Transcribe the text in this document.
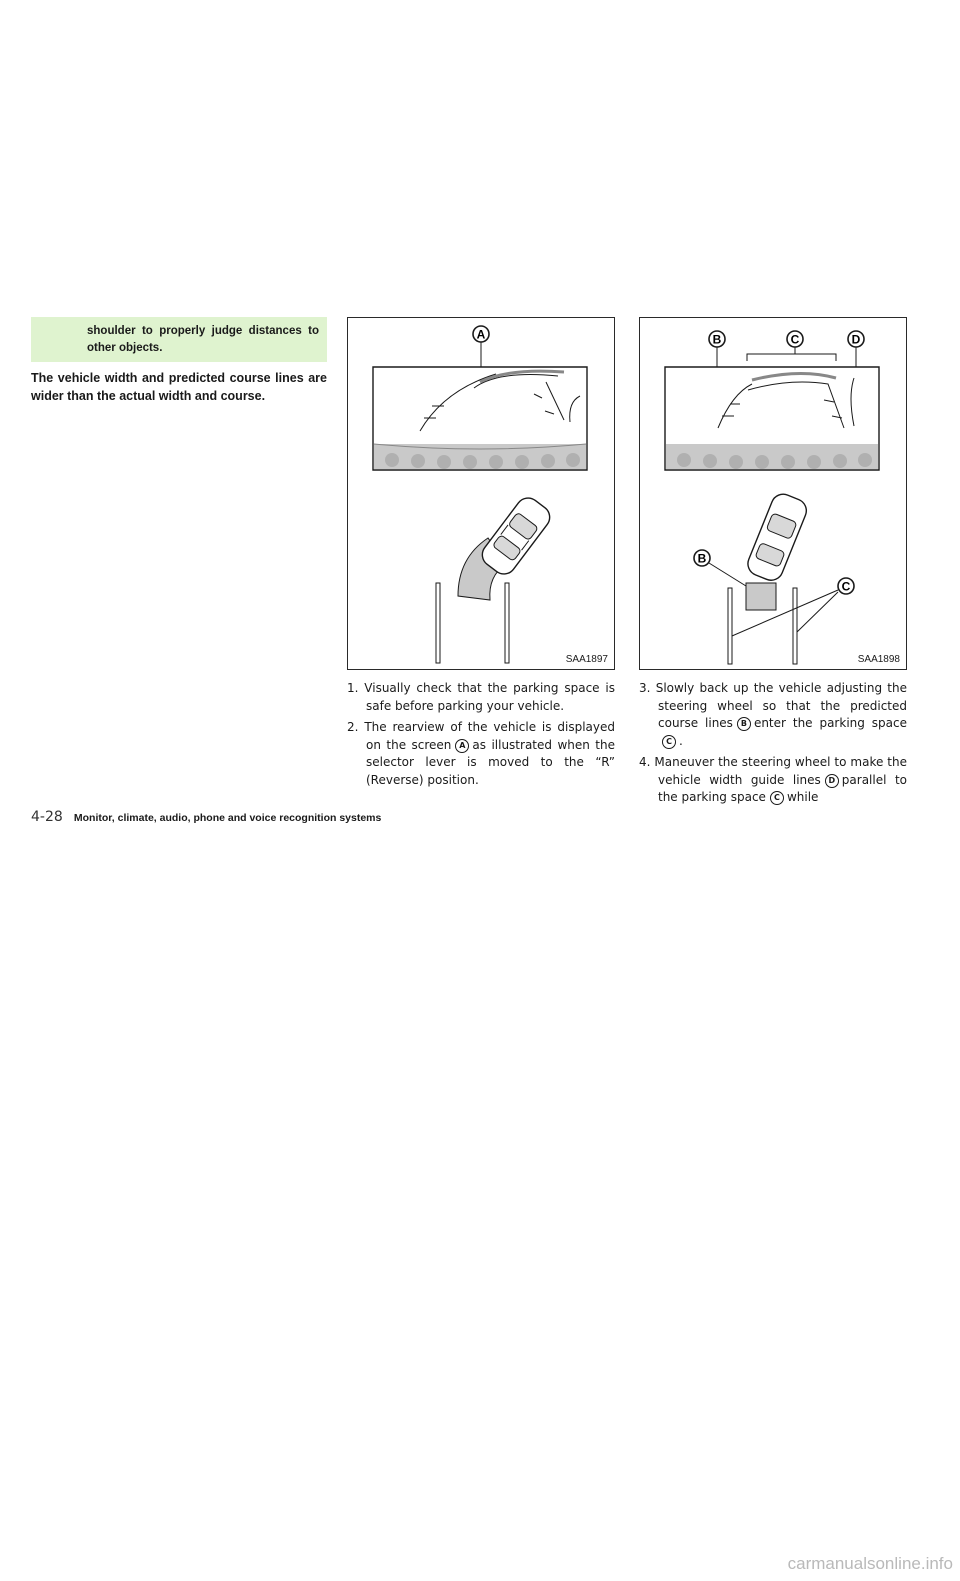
shoulder to properly judge distances to other objects.

The vehicle width and predicted course lines are wider than the actual width and course.

A

SAA1897

B	C	D
B
C

SAA1898

1. Visually check that the parking space is safe before parking your vehicle.
2. The rearview of the vehicle is displayed on the screen A as illustrated when the selector lever is moved to the “R” (Reverse) position.
3. Slowly back up the vehicle adjusting the steering wheel so that the predicted course lines B enter the parking spaceC .
4. Maneuver the steering wheel to make the vehicle width guide lines D parallel to the parking space C while
4-28 Monitor, climate, audio, phone and voice recognition systems
carmanualsonline.info
